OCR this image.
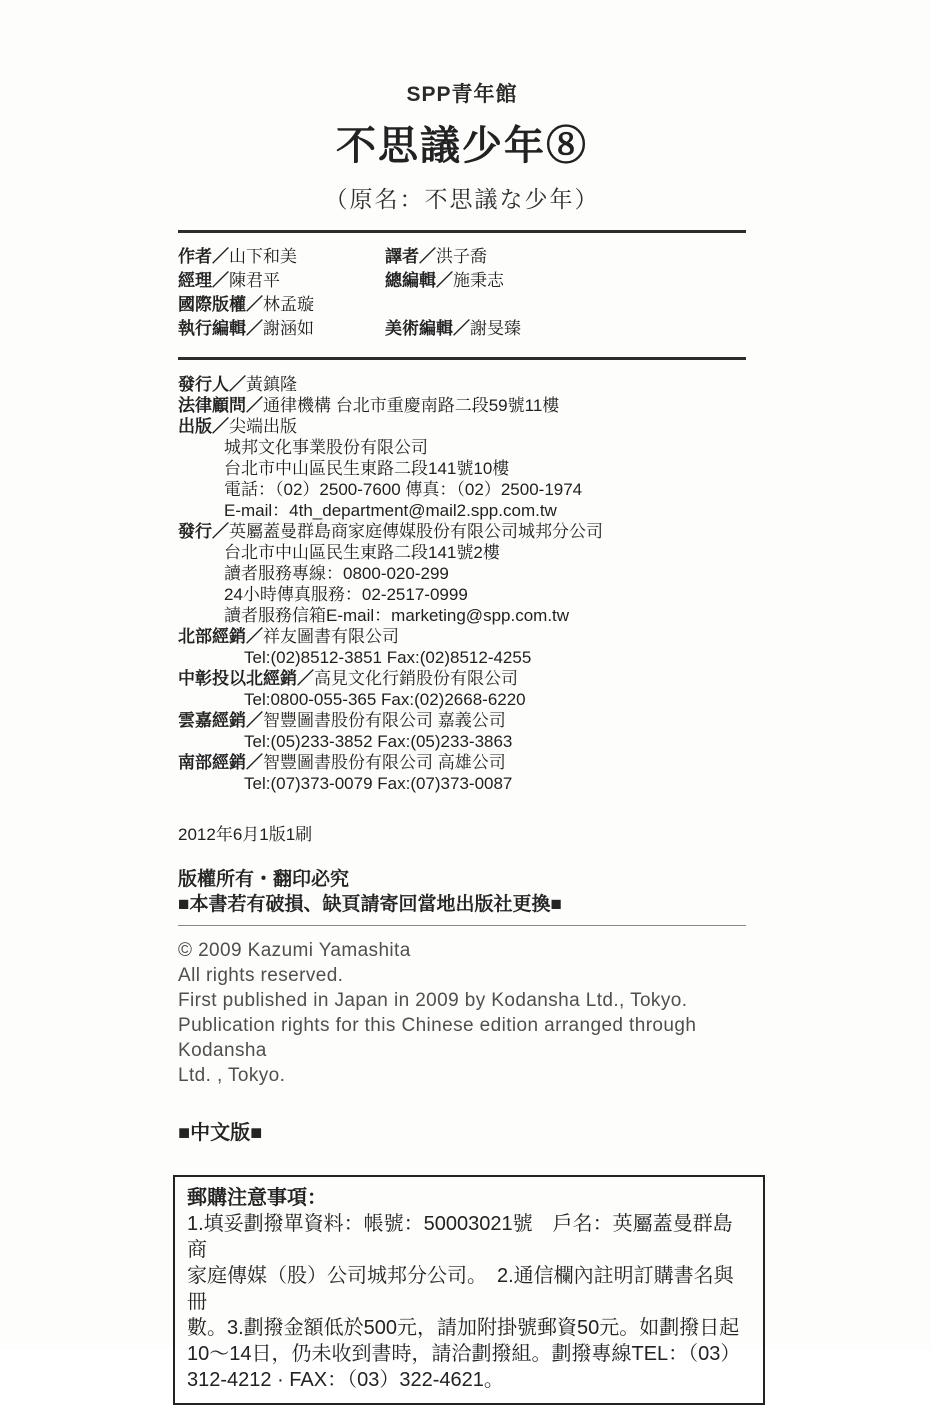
SPP青年館
不思議少年⑧
（原名：不思議な少年）
作者／山下和美	譯者／洪子喬
經理／陳君平	總編輯／施秉志
國際版權／林孟璇
執行編輯／謝涵如	美術編輯／謝旻臻
發行人／黃鎮隆
法律顧問／通律機構 台北市重慶南路二段59號11樓
出版／尖端出版
城邦文化事業股份有限公司
台北市中山區民生東路二段141號10樓
電話：（02）2500-7600 傳真：（02）2500-1974
E-mail：4th_department@mail2.spp.com.tw
發行／英屬蓋曼群島商家庭傳媒股份有限公司城邦分公司
台北市中山區民生東路二段141號2樓
讀者服務專線：0800-020-299
24小時傳真服務：02-2517-0999
讀者服務信箱E-mail：marketing@spp.com.tw
北部經銷／祥友圖書有限公司
Tel:(02)8512-3851 Fax:(02)8512-4255
中彰投以北經銷／高見文化行銷股份有限公司
Tel:0800-055-365 Fax:(02)2668-6220
雲嘉經銷／智豐圖書股份有限公司 嘉義公司
Tel:(05)233-3852 Fax:(05)233-3863
南部經銷／智豐圖書股份有限公司 高雄公司
Tel:(07)373-0079 Fax:(07)373-0087
2012年6月1版1刷
版權所有・翻印必究
■本書若有破損、缺頁請寄回當地出版社更換■
© 2009 Kazumi Yamashita
All rights reserved.
First published in Japan in 2009 by Kodansha Ltd., Tokyo.
Publication rights for this Chinese edition arranged through Kodansha
Ltd. , Tokyo.
■中文版■
郵購注意事項：
1.填妥劃撥單資料：帳號：50003021號　戶名：英屬蓋曼群島商
家庭傳媒（股）公司城邦分公司。　2.通信欄內註明訂購書名與冊
數。3.劃撥金額低於500元，請加附掛號郵資50元。如劃撥日起
10～14日，仍未收到書時，請洽劃撥組。劃撥專線TEL：（03）
312-4212 · FAX：（03）322-4621。
